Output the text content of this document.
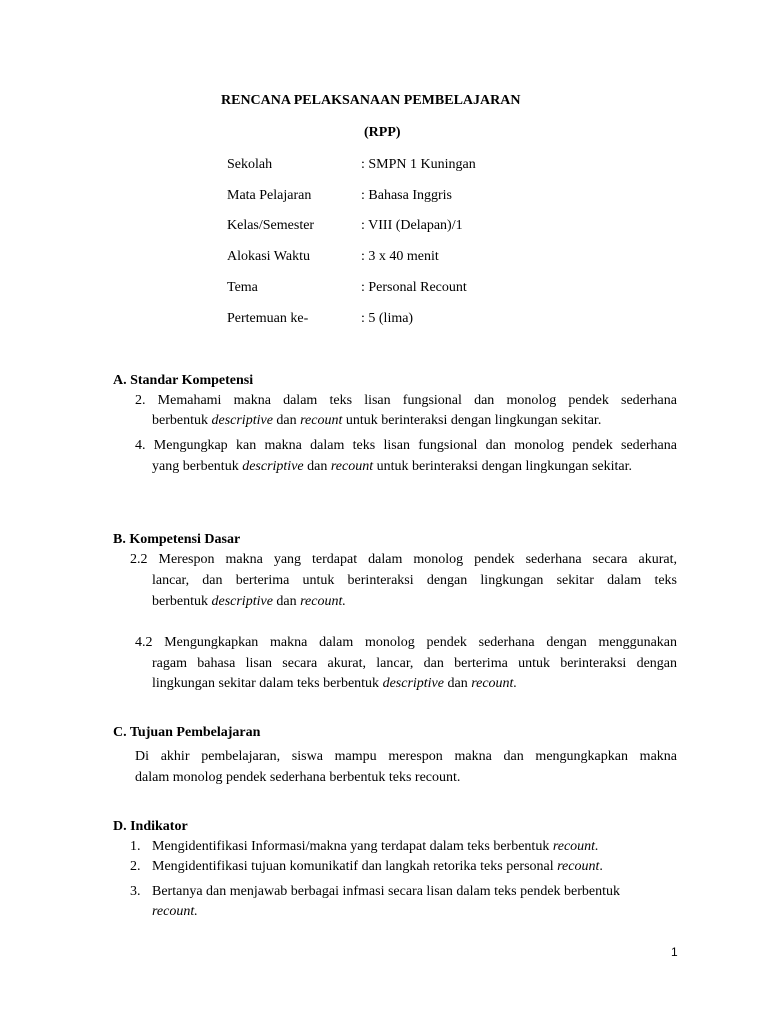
RENCANA PELAKSANAAN PEMBELAJARAN
(RPP)
Sekolah	: SMPN 1 Kuningan
Mata Pelajaran	: Bahasa Inggris
Kelas/Semester	: VIII (Delapan)/1
Alokasi Waktu	: 3 x 40 menit
Tema	: Personal Recount
Pertemuan ke-	: 5 (lima)
A. Standar Kompetensi
2. Memahami makna dalam teks lisan fungsional dan monolog pendek sederhana
berbentuk descriptive dan recount untuk berinteraksi dengan lingkungan sekitar.
4. Mengungkap kan makna dalam teks lisan fungsional dan monolog pendek sederhana
yang berbentuk descriptive dan recount untuk berinteraksi dengan lingkungan sekitar.
B. Kompetensi Dasar
2.2 Merespon makna yang terdapat dalam monolog pendek sederhana secara akurat,
lancar, dan berterima untuk berinteraksi dengan lingkungan sekitar dalam teks
berbentuk descriptive dan recount.
4.2 Mengungkapkan makna dalam monolog pendek sederhana dengan menggunakan
ragam bahasa lisan secara akurat, lancar, dan berterima untuk berinteraksi dengan
lingkungan sekitar dalam teks berbentuk descriptive dan recount.
C. Tujuan Pembelajaran
Di akhir pembelajaran, siswa mampu merespon makna dan mengungkapkan makna
dalam monolog pendek sederhana berbentuk teks recount.
D. Indikator
1. Mengidentifikasi Informasi/makna yang terdapat dalam teks berbentuk recount.
2. Mengidentifikasi tujuan komunikatif dan langkah retorika teks personal recount.
3. Bertanya dan menjawab berbagai infmasi secara lisan dalam teks pendek berbentuk
recount.
1
